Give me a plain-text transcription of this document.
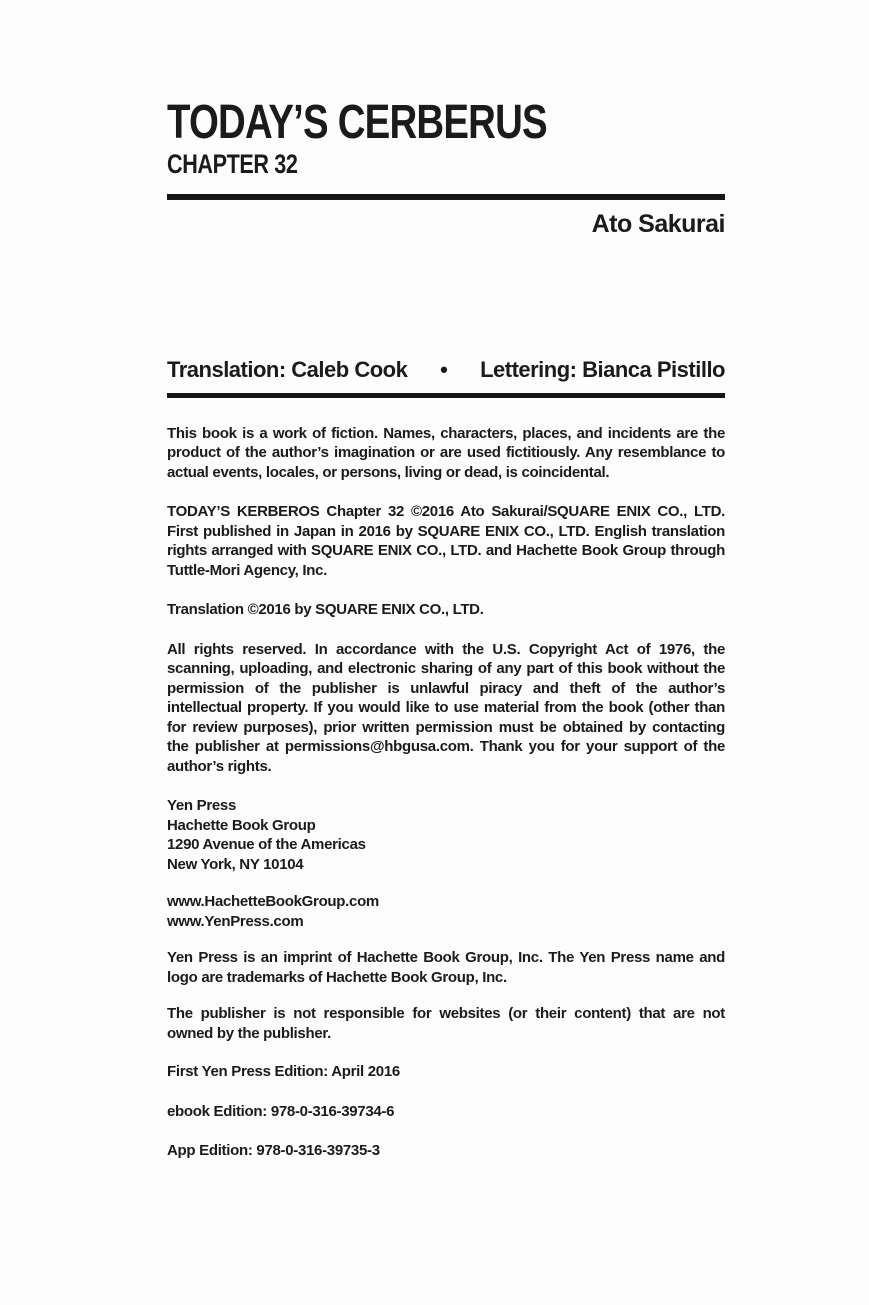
TODAY’S CERBERUS
CHAPTER 32
Ato Sakurai
Translation: Caleb Cook • Lettering: Bianca Pistillo

This book is a work of fiction. Names, characters, places, and incidents are the product of the author’s imagination or are used fictitiously. Any resemblance to actual events, locales, or persons, living or dead, is coincidental.

TODAY’S KERBEROS Chapter 32 ©2016 Ato Sakurai/SQUARE ENIX CO., LTD. First published in Japan in 2016 by SQUARE ENIX CO., LTD. English translation rights arranged with SQUARE ENIX CO., LTD. and Hachette Book Group through Tuttle-Mori Agency, Inc.

Translation ©2016 by SQUARE ENIX CO., LTD.

All rights reserved. In accordance with the U.S. Copyright Act of 1976, the scanning, uploading, and electronic sharing of any part of this book without the permission of the publisher is unlawful piracy and theft of the author’s intellectual property. If you would like to use material from the book (other than for review purposes), prior written permission must be obtained by contacting the publisher at permissions@hbgusa.com. Thank you for your support of the author’s rights.

Yen Press
Hachette Book Group
1290 Avenue of the Americas
New York, NY 10104
www.HachetteBookGroup.com
www.YenPress.com

Yen Press is an imprint of Hachette Book Group, Inc. The Yen Press name and logo are trademarks of Hachette Book Group, Inc.

The publisher is not responsible for websites (or their content) that are not owned by the publisher.

First Yen Press Edition: April 2016

ebook Edition: 978-0-316-39734-6

App Edition: 978-0-316-39735-3
